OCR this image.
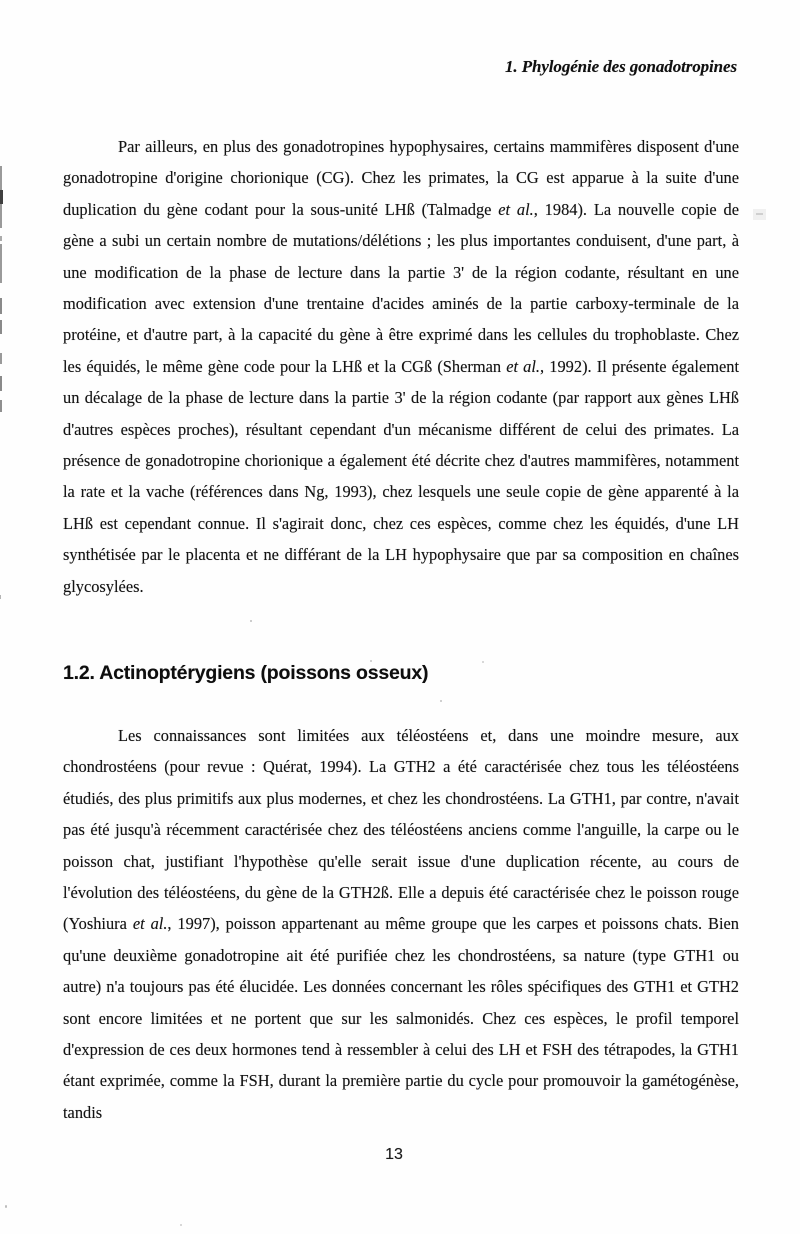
1. Phylogénie des gonadotropines
Par ailleurs, en plus des gonadotropines hypophysaires, certains mammifères disposent d'une gonadotropine d'origine chorionique (CG). Chez les primates, la CG est apparue à la suite d'une duplication du gène codant pour la sous-unité LHß (Talmadge et al., 1984). La nouvelle copie de gène a subi un certain nombre de mutations/délétions ; les plus importantes conduisent, d'une part, à une modification de la phase de lecture dans la partie 3' de la région codante, résultant en une modification avec extension d'une trentaine d'acides aminés de la partie carboxy-terminale de la protéine, et d'autre part, à la capacité du gène à être exprimé dans les cellules du trophoblaste. Chez les équidés, le même gène code pour la LHß et la CGß (Sherman et al., 1992). Il présente également un décalage de la phase de lecture dans la partie 3' de la région codante (par rapport aux gènes LHß d'autres espèces proches), résultant cependant d'un mécanisme différent de celui des primates. La présence de gonadotropine chorionique a également été décrite chez d'autres mammifères, notamment la rate et la vache (références dans Ng, 1993), chez lesquels une seule copie de gène apparenté à la LHß est cependant connue. Il s'agirait donc, chez ces espèces, comme chez les équidés, d'une LH synthétisée par le placenta et ne différant de la LH hypophysaire que par sa composition en chaînes glycosylées.
1.2. Actinoptérygiens (poissons osseux)
Les connaissances sont limitées aux téléostéens et, dans une moindre mesure, aux chondrostéens (pour revue : Quérat, 1994). La GTH2 a été caractérisée chez tous les téléostéens étudiés, des plus primitifs aux plus modernes, et chez les chondrostéens. La GTH1, par contre, n'avait pas été jusqu'à récemment caractérisée chez des téléostéens anciens comme l'anguille, la carpe ou le poisson chat, justifiant l'hypothèse qu'elle serait issue d'une duplication récente, au cours de l'évolution des téléostéens, du gène de la GTH2ß. Elle a depuis été caractérisée chez le poisson rouge (Yoshiura et al., 1997), poisson appartenant au même groupe que les carpes et poissons chats. Bien qu'une deuxième gonadotropine ait été purifiée chez les chondrostéens, sa nature (type GTH1 ou autre) n'a toujours pas été élucidée. Les données concernant les rôles spécifiques des GTH1 et GTH2 sont encore limitées et ne portent que sur les salmonidés. Chez ces espèces, le profil temporel d'expression de ces deux hormones tend à ressembler à celui des LH et FSH des tétrapodes, la GTH1 étant exprimée, comme la FSH, durant la première partie du cycle pour promouvoir la gamétogénèse, tandis
13
